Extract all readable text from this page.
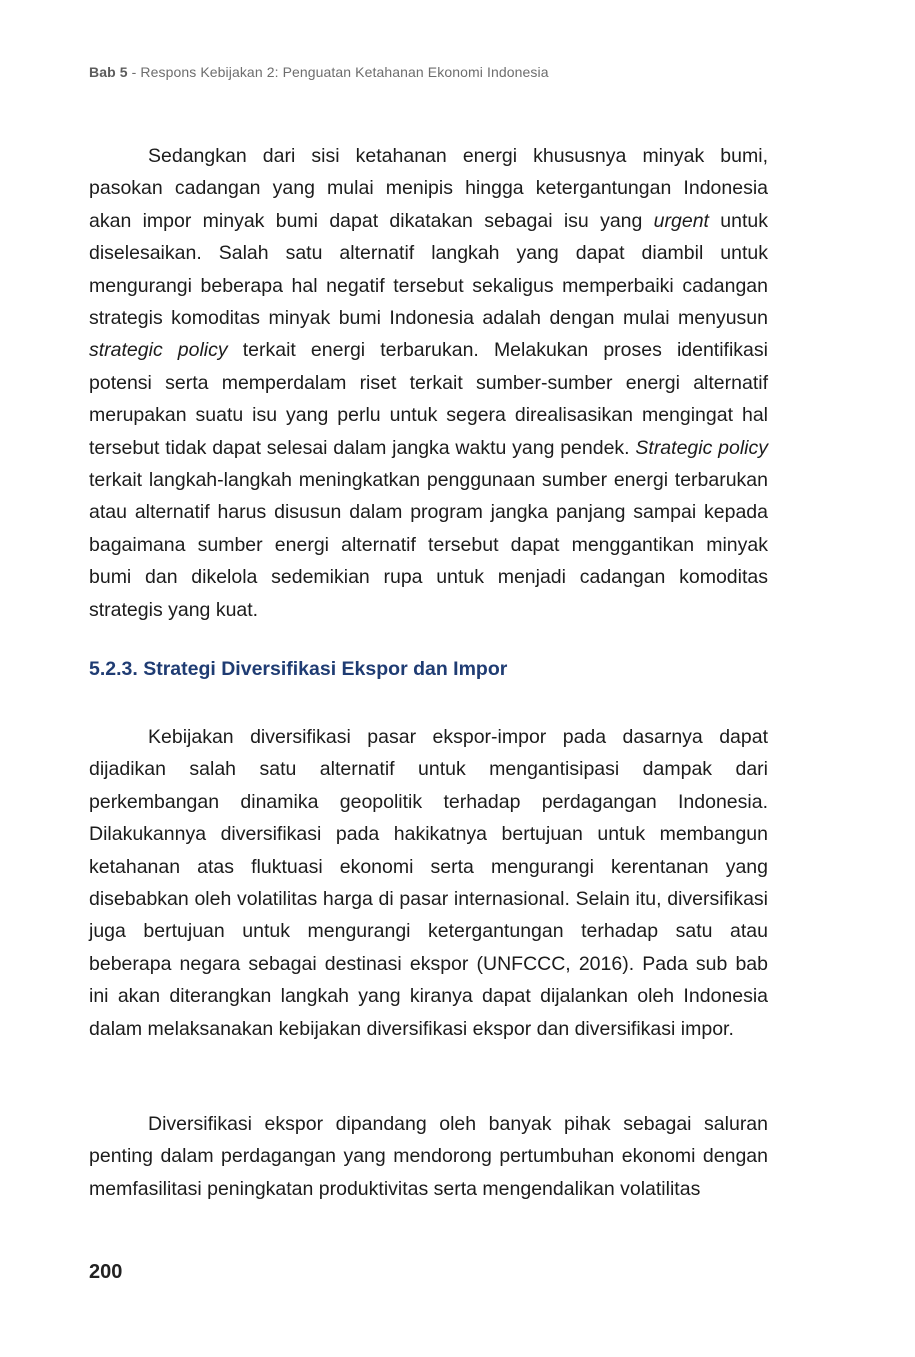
Bab 5 - Respons Kebijakan 2: Penguatan Ketahanan Ekonomi Indonesia

Sedangkan dari sisi ketahanan energi khususnya minyak bumi, pasokan cadangan yang mulai menipis hingga ketergantungan Indonesia akan impor minyak bumi dapat dikatakan sebagai isu yang urgent untuk diselesaikan. Salah satu alternatif langkah yang dapat diambil untuk mengurangi beberapa hal negatif tersebut sekaligus memperbaiki cadangan strategis komoditas minyak bumi Indonesia adalah dengan mulai menyusun strategic policy terkait energi terbarukan. Melakukan proses identifikasi potensi serta memperdalam riset terkait sumber-sumber energi alternatif merupakan suatu isu yang perlu untuk segera direalisasikan mengingat hal tersebut tidak dapat selesai dalam jangka waktu yang pendek. Strategic policy terkait langkah-langkah meningkatkan penggunaan sumber energi terbarukan atau alternatif harus disusun dalam program jangka panjang sampai kepada bagaimana sumber energi alternatif tersebut dapat menggantikan minyak bumi dan dikelola sedemikian rupa untuk menjadi cadangan komoditas strategis yang kuat.

5.2.3. Strategi Diversifikasi Ekspor dan Impor

Kebijakan diversifikasi pasar ekspor-impor pada dasarnya dapat dijadikan salah satu alternatif untuk mengantisipasi dampak dari perkembangan dinamika geopolitik terhadap perdagangan Indonesia. Dilakukannya diversifikasi pada hakikatnya bertujuan untuk membangun ketahanan atas fluktuasi ekonomi serta mengurangi kerentanan yang disebabkan oleh volatilitas harga di pasar internasional. Selain itu, diversifikasi juga bertujuan untuk mengurangi ketergantungan terhadap satu atau beberapa negara sebagai destinasi ekspor (UNFCCC, 2016). Pada sub bab ini akan diterangkan langkah yang kiranya dapat dijalankan oleh Indonesia dalam melaksanakan kebijakan diversifikasi ekspor dan diversifikasi impor.

Diversifikasi ekspor dipandang oleh banyak pihak sebagai saluran penting dalam perdagangan yang mendorong pertumbuhan ekonomi dengan memfasilitasi peningkatan produktivitas serta mengendalikan volatilitas

200
